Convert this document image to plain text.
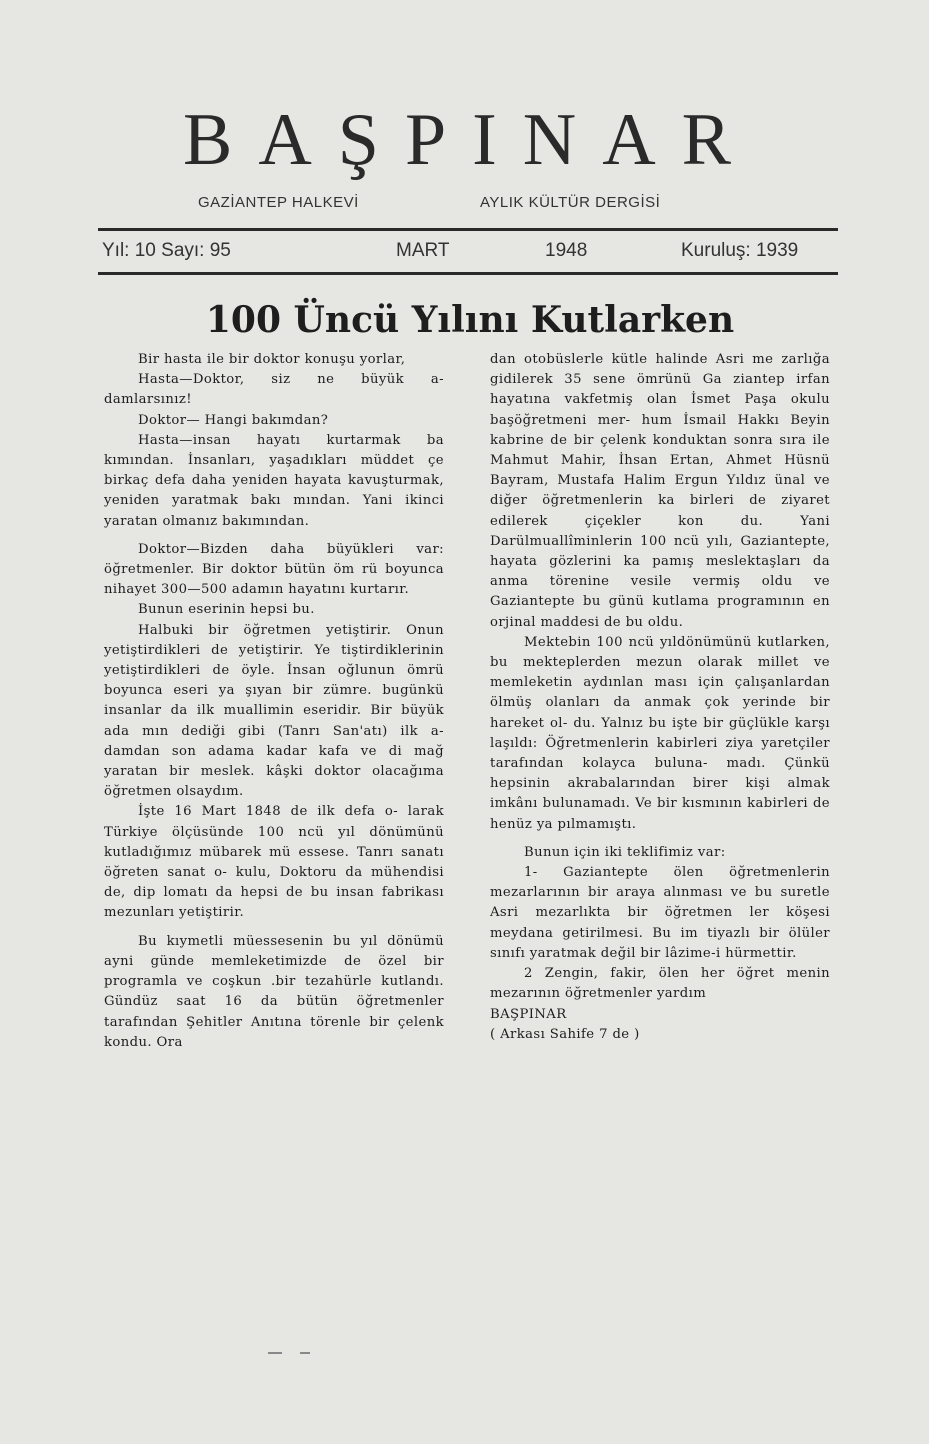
BAŞPINAR
GAZİANTEP HALKEVİ	AYLIK KÜLTÜR DERGİSİ
Yıl: 10 Sayı: 95	MART	1948	Kuruluş: 1939
100 Üncü Yılını Kutlarken

Bir hasta ile bir doktor konuşu yorlar,

Hasta—Doktor, siz ne büyük a- damlarsınız!

Doktor— Hangi bakımdan?

Hasta—insan hayatı kurtarmak ba kımından. İnsanları, yaşadıkları müddet çe birkaç defa daha yeniden hayata kavuşturmak, yeniden yaratmak bakı mından. Yani ikinci yaratan olmanız bakımından.

Doktor—Bizden daha büyükleri var: öğretmenler. Bir doktor bütün öm rü boyunca nihayet 300—500 adamın hayatını kurtarır.

Bunun eserinin hepsi bu.

Halbuki bir öğretmen yetiştirir. Onun yetiştirdikleri de yetiştirir. Ye tiştirdiklerinin yetiştirdikleri de öyle. İnsan oğlunun ömrü boyunca eseri ya şıyan bir zümre. bugünkü insanlar da ilk muallimin eseridir. Bir büyük ada mın dediği gibi (Tanrı San'atı) ilk a- damdan son adama kadar kafa ve di mağ yaratan bir meslek. kâşki doktor olacağıma öğretmen olsaydım.

İşte 16 Mart 1848 de ilk defa o- larak Türkiye ölçüsünde 100 ncü yıl dönümünü kutladığımız mübarek mü essese. Tanrı sanatı öğreten sanat o- kulu, Doktoru da mühendisi de, dip lomatı da hepsi de bu insan fabrikası mezunları yetiştirir.

Bu kıymetli müessesenin bu yıl dönümü ayni günde memleketimizde de özel bir programla ve coşkun .bir tezahürle kutlandı. Gündüz saat 16 da bütün öğretmenler tarafından Şehitler Anıtına törenle bir çelenk kondu. Ora

dan otobüslerle kütle halinde Asri me zarlığa gidilerek 35 sene ömrünü Ga ziantep irfan hayatına vakfetmiş olan İsmet Paşa okulu başöğretmeni mer- hum İsmail Hakkı Beyin kabrine de bir çelenk konduktan sonra sıra ile Mahmut Mahir, İhsan Ertan, Ahmet Hüsnü Bayram, Mustafa Halim Ergun Yıldız ünal ve diğer öğretmenlerin ka birleri de ziyaret edilerek çiçekler kon du. Yani Darülmuallîminlerin 100 ncü yılı, Gaziantepte, hayata gözlerini ka pamış meslektaşları da anma törenine vesile vermiş oldu ve Gaziantepte bu günü kutlama programının en orjinal maddesi de bu oldu.

Mektebin 100 ncü yıldönümünü kutlarken, bu mekteplerden mezun olarak millet ve memleketin aydınlan ması için çalışanlardan ölmüş olanları da anmak çok yerinde bir hareket ol- du. Yalnız bu işte bir güçlükle karşı laşıldı: Öğretmenlerin kabirleri ziya yaretçiler tarafından kolayca buluna- madı. Çünkü hepsinin akrabalarından birer kişi almak imkânı bulunamadı. Ve bir kısmının kabirleri de henüz ya pılmamıştı.

Bunun için iki teklifimiz var:

1- Gaziantepte ölen öğretmenlerin mezarlarının bir araya alınması ve bu suretle Asri mezarlıkta bir öğretmen ler köşesi meydana getirilmesi. Bu im tiyazlı bir ölüler sınıfı yaratmak değil bir lâzime-i hürmettir.

2 Zengin, fakir, ölen her öğret menin mezarının öğretmenler yardım

BAŞPINAR

( Arkası Sahife 7 de )
